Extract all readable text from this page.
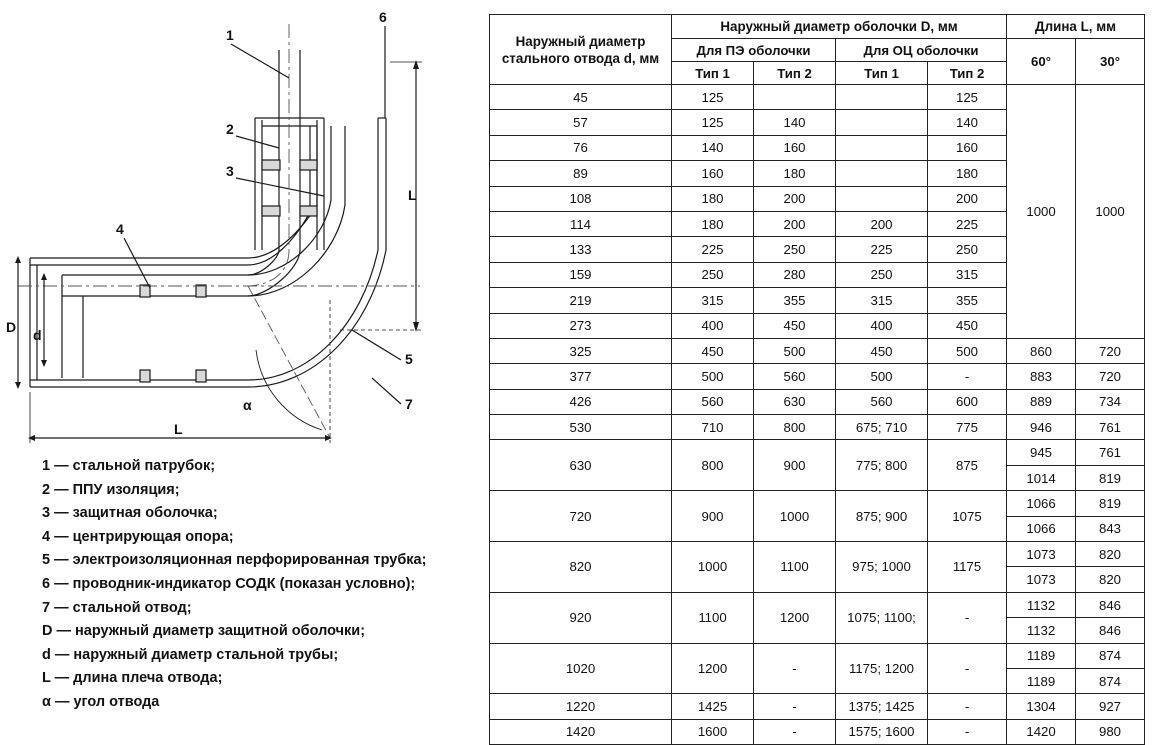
1
2
3
4
5
6
7
D d
L
L
α
1 — стальной патрубок;
2 — ППУ изоляция;
3 — защитная оболочка;
4 — центрирующая опора;
5 — электроизоляционная перфорированная трубка;
6 — проводник-индикатор СОДК (показан условно);
7 — стальной отвод;
D — наружный диаметр защитной оболочки;
d — наружный диаметр стальной трубы;
L — длина плеча отвода;
α — угол отвода
Наружный диаметр стального отвода d, мм	Наружный диаметр оболочки D, мм				Длина L, мм	
	Для ПЭ оболочки		Для ОЦ оболочки		60°	30°
	Тип 1	Тип 2	Тип 1	Тип 2		
45	125			125	1000	1000
57	125	140		140		
76	140	160		160		
89	160	180		180		
108	180	200		200		
114	180	200	200	225		
133	225	250	225	250		
159	250	280	250	315		
219	315	355	315	355		
273	400	450	400	450		
325	450	500	450	500	860	720
377	500	560	500	-	883	720
426	560	630	560	600	889	734
530	710	800	675; 710	775	946	761
630	800	900	775; 800	875	945	761
					1014	819
720	900	1000	875; 900	1075	1066	819
					1066	843
820	1000	1100	975; 1000	1175	1073	820
					1073	820
920	1100	1200	1075; 1100;	-	1132	846
					1132	846
1020	1200	-	1175; 1200	-	1189	874
					1189	874
1220	1425	-	1375; 1425	-	1304	927
1420	1600	-	1575; 1600	-	1420	980
